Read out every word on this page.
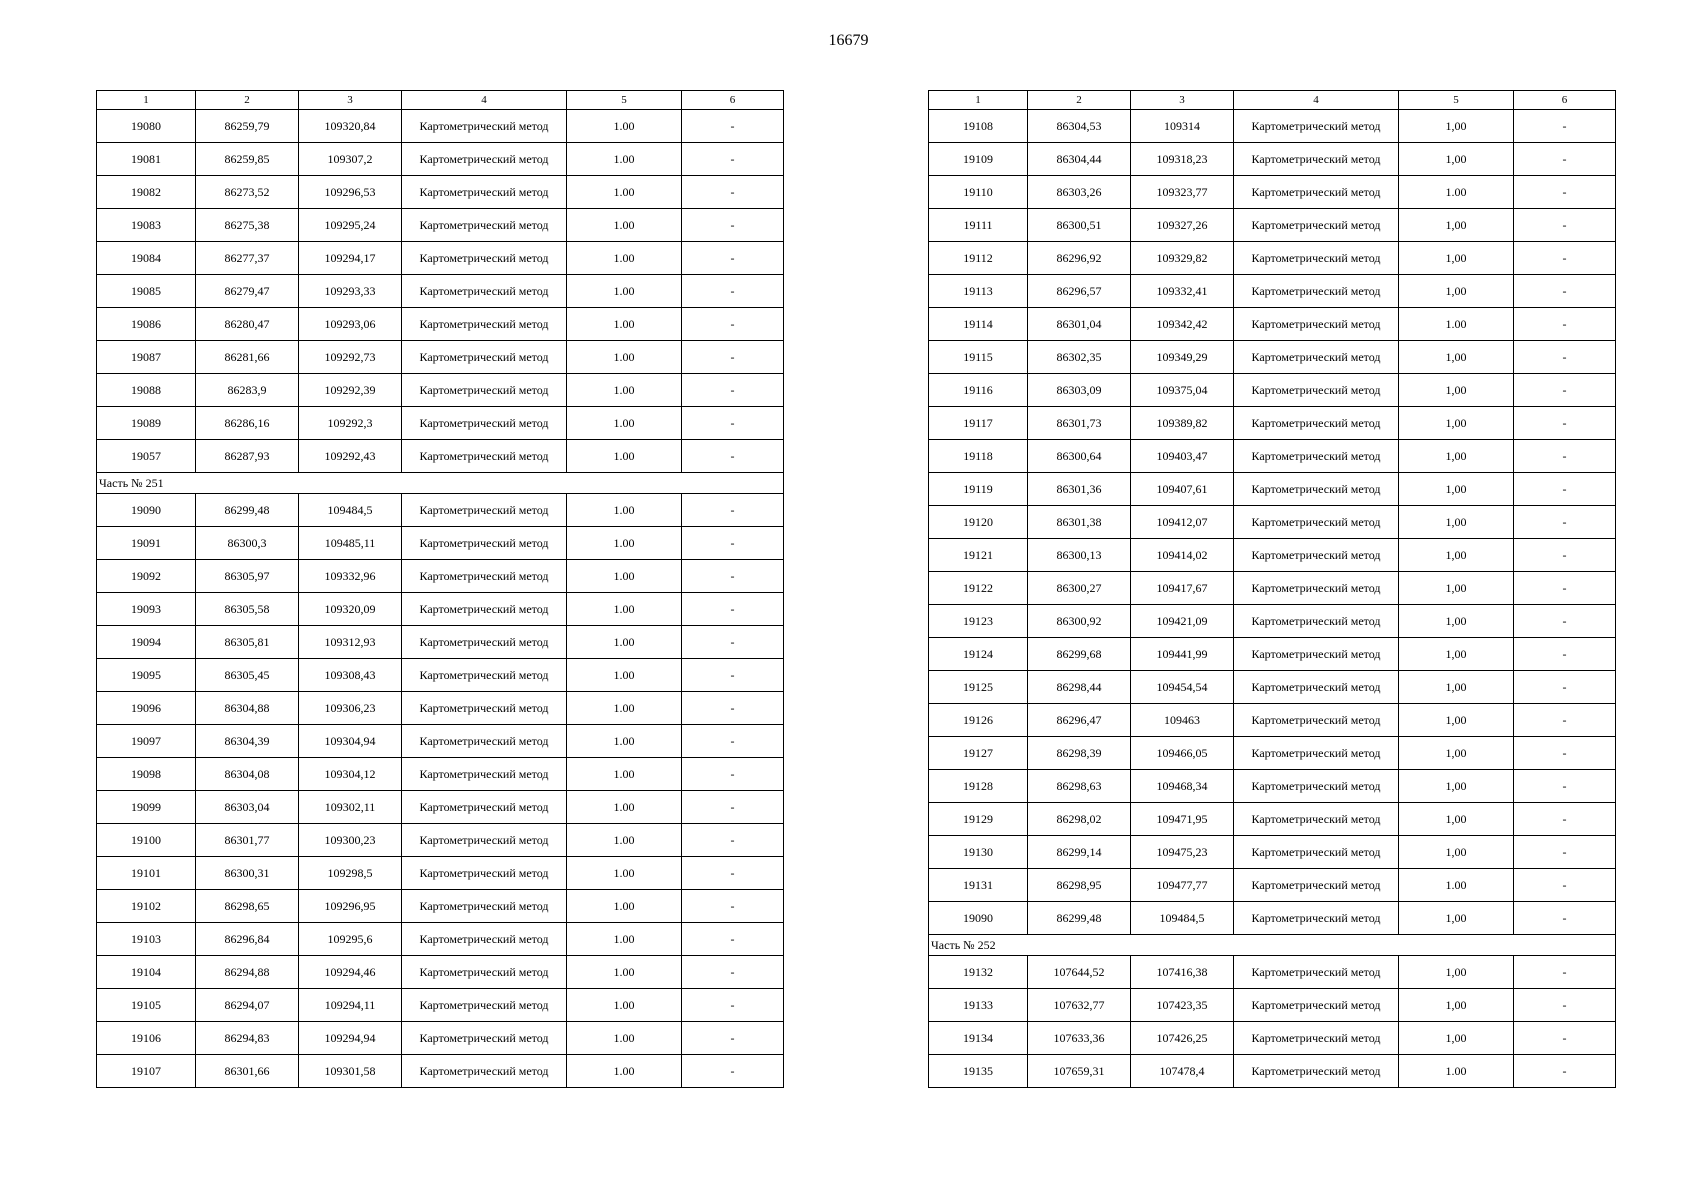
16679
1	2	3	4	5	6
19080	86259,79	109320,84	Картометрический метод	1.00	-
19081	86259,85	109307,2	Картометрический метод	1.00	-
19082	86273,52	109296,53	Картометрический метод	1.00	-
19083	86275,38	109295,24	Картометрический метод	1.00	-
19084	86277,37	109294,17	Картометрический метод	1.00	-
19085	86279,47	109293,33	Картометрический метод	1.00	-
19086	86280,47	109293,06	Картометрический метод	1.00	-
19087	86281,66	109292,73	Картометрический метод	1.00	-
19088	86283,9	109292,39	Картометрический метод	1.00	-
19089	86286,16	109292,3	Картометрический метод	1.00	-
19057	86287,93	109292,43	Картометрический метод	1.00	-
Часть № 251					
19090	86299,48	109484,5	Картометрический метод	1.00	-
19091	86300,3	109485,11	Картометрический метод	1.00	-
19092	86305,97	109332,96	Картометрический метод	1.00	-
19093	86305,58	109320,09	Картометрический метод	1.00	-
19094	86305,81	109312,93	Картометрический метод	1.00	-
19095	86305,45	109308,43	Картометрический метод	1.00	-
19096	86304,88	109306,23	Картометрический метод	1.00	-
19097	86304,39	109304,94	Картометрический метод	1.00	-
19098	86304,08	109304,12	Картометрический метод	1.00	-
19099	86303,04	109302,11	Картометрический метод	1.00	-
19100	86301,77	109300,23	Картометрический метод	1.00	-
19101	86300,31	109298,5	Картометрический метод	1.00	-
19102	86298,65	109296,95	Картометрический метод	1.00	-
19103	86296,84	109295,6	Картометрический метод	1.00	-
19104	86294,88	109294,46	Картометрический метод	1.00	-
19105	86294,07	109294,11	Картометрический метод	1.00	-
19106	86294,83	109294,94	Картометрический метод	1.00	-
19107	86301,66	109301,58	Картометрический метод	1.00	-
1	2	3	4	5	6
19108	86304,53	109314	Картометрический метод	1,00	-
19109	86304,44	109318,23	Картометрический метод	1,00	-
19110	86303,26	109323,77	Картометрический метод	1.00	-
19111	86300,51	109327,26	Картометрический метод	1,00	-
19112	86296,92	109329,82	Картометрический метод	1,00	-
19113	86296,57	109332,41	Картометрический метод	1,00	-
19114	86301,04	109342,42	Картометрический метод	1.00	-
19115	86302,35	109349,29	Картометрический метод	1,00	-
19116	86303,09	109375,04	Картометрический метод	1,00	-
19117	86301,73	109389,82	Картометрический метод	1,00	-
19118	86300,64	109403,47	Картометрический метод	1,00	-
19119	86301,36	109407,61	Картометрический метод	1,00	-
19120	86301,38	109412,07	Картометрический метод	1,00	-
19121	86300,13	109414,02	Картометрический метод	1,00	-
19122	86300,27	109417,67	Картометрический метод	1,00	-
19123	86300,92	109421,09	Картометрический метод	1,00	-
19124	86299,68	109441,99	Картометрический метод	1,00	-
19125	86298,44	109454,54	Картометрический метод	1,00	-
19126	86296,47	109463	Картометрический метод	1,00	-
19127	86298,39	109466,05	Картометрический метод	1,00	-
19128	86298,63	109468,34	Картометрический метод	1,00	-
19129	86298,02	109471,95	Картометрический метод	1,00	-
19130	86299,14	109475,23	Картометрический метод	1,00	-
19131	86298,95	109477,77	Картометрический метод	1.00	-
19090	86299,48	109484,5	Картометрический метод	1,00	-
Часть № 252					
19132	107644,52	107416,38	Картометрический метод	1,00	-
19133	107632,77	107423,35	Картометрический метод	1,00	-
19134	107633,36	107426,25	Картометрический метод	1,00	-
19135	107659,31	107478,4	Картометрический метод	1.00	-
